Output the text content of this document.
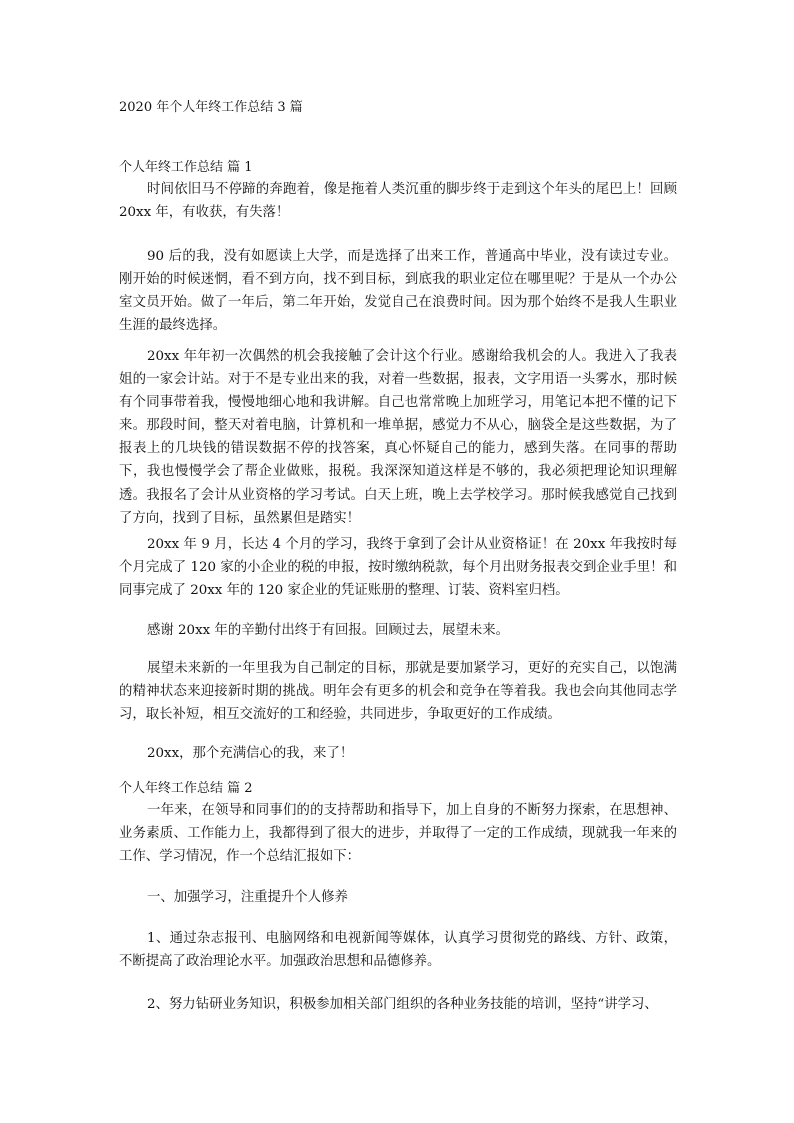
2020 年个人年终工作总结 3 篇
个人年终工作总结 篇 1

时间依旧马不停蹄的奔跑着，像是拖着人类沉重的脚步终于走到这个年头的尾巴上！回顾 20xx 年，有收获，有失落！

90 后的我，没有如愿读上大学，而是选择了出来工作，普通高中毕业，没有读过专业。刚开始的时候迷惘，看不到方向，找不到目标，到底我的职业定位在哪里呢？于是从一个办公室文员开始。做了一年后，第二年开始，发觉自己在浪费时间。因为那个始终不是我人生职业生涯的最终选择。

20xx 年年初一次偶然的机会我接触了会计这个行业。感谢给我机会的人。我进入了我表姐的一家会计站。对于不是专业出来的我，对着一些数据，报表，文字用语一头雾水，那时候有个同事带着我，慢慢地细心地和我讲解。自己也常常晚上加班学习，用笔记本把不懂的记下来。那段时间，整天对着电脑，计算机和一堆单据，感觉力不从心，脑袋全是这些数据，为了报表上的几块钱的错误数据不停的找答案，真心怀疑自己的能力，感到失落。在同事的帮助下，我也慢慢学会了帮企业做账，报税。我深深知道这样是不够的，我必须把理论知识理解透。我报名了会计从业资格的学习考试。白天上班，晚上去学校学习。那时候我感觉自己找到了方向，找到了目标，虽然累但是踏实！

20xx 年 9 月，长达 4 个月的学习，我终于拿到了会计从业资格证！在 20xx 年我按时每个月完成了 120 家的小企业的税的申报，按时缴纳税款，每个月出财务报表交到企业手里！和同事完成了 20xx 年的 120 家企业的凭证账册的整理、订装、资料室归档。

感谢 20xx 年的辛勤付出终于有回报。回顾过去，展望未来。

展望未来新的一年里我为自己制定的目标，那就是要加紧学习，更好的充实自己，以饱满的精神状态来迎接新时期的挑战。明年会有更多的机会和竞争在等着我。我也会向其他同志学习，取长补短，相互交流好的工和经验，共同进步，争取更好的工作成绩。

20xx，那个充满信心的我，来了！

个人年终工作总结 篇 2

一年来，在领导和同事们的的支持帮助和指导下，加上自身的不断努力探索，在思想神、业务素质、工作能力上，我都得到了很大的进步，并取得了一定的工作成绩，现就我一年来的工作、学习情况，作一个总结汇报如下：

一、加强学习，注重提升个人修养

1、通过杂志报刊、电脑网络和电视新闻等媒体，认真学习贯彻党的路线、方针、政策，不断提高了政治理论水平。加强政治思想和品德修养。

2、努力钻研业务知识，积极参加相关部门组织的各种业务技能的培训，坚持“讲学习、
